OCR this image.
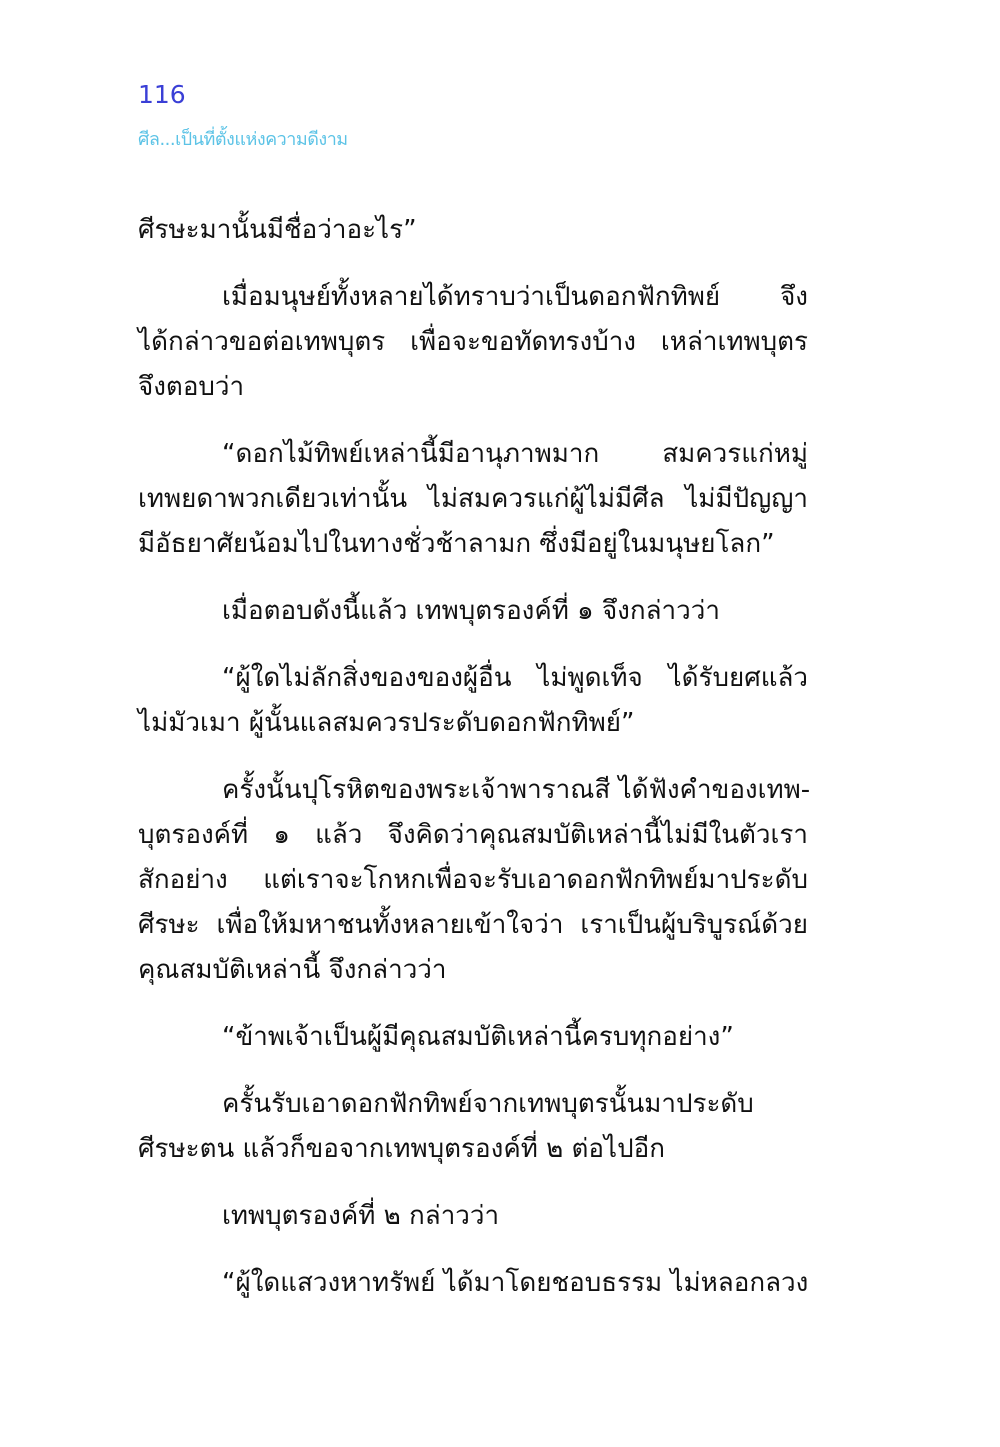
116
ศีล...เป็นที่ตั้งแห่งความดีงาม
ศีรษะมานั้นมีชื่อว่าอะไร”
เมื่อมนุษย์ทั้งหลายได้ทราบว่าเป็นดอกฟักทิพย์ จึง
ได้กล่าวขอต่อเทพบุตร เพื่อจะขอทัดทรงบ้าง เหล่าเทพบุตร
จึงตอบว่า
“ดอกไม้ทิพย์เหล่านี้มีอานุภาพมาก สมควรแก่หมู่
เทพยดาพวกเดียวเท่านั้น ไม่สมควรแก่ผู้ไม่มีศีล ไม่มีปัญญา
มีอัธยาศัยน้อมไปในทางชั่วช้าลามก ซึ่งมีอยู่ในมนุษยโลก”
เมื่อตอบดังนี้แล้ว เทพบุตรองค์ที่ ๑ จึงกล่าวว่า
“ผู้ใดไม่ลักสิ่งของของผู้อื่น ไม่พูดเท็จ ได้รับยศแล้ว
ไม่มัวเมา ผู้นั้นแลสมควรประดับดอกฟักทิพย์”
ครั้งนั้นปุโรหิตของพระเจ้าพาราณสี ได้ฟังคำของเทพ-
บุตรองค์ที่ ๑ แล้ว จึงคิดว่าคุณสมบัติเหล่านี้ไม่มีในตัวเรา
สักอย่าง แต่เราจะโกหกเพื่อจะรับเอาดอกฟักทิพย์มาประดับ
ศีรษะ เพื่อให้มหาชนทั้งหลายเข้าใจว่า เราเป็นผู้บริบูรณ์ด้วย
คุณสมบัติเหล่านี้ จึงกล่าวว่า
“ข้าพเจ้าเป็นผู้มีคุณสมบัติเหล่านี้ครบทุกอย่าง”
ครั้นรับเอาดอกฟักทิพย์จากเทพบุตรนั้นมาประดับ
ศีรษะตน แล้วก็ขอจากเทพบุตรองค์ที่ ๒ ต่อไปอีก
เทพบุตรองค์ที่ ๒ กล่าวว่า
“ผู้ใดแสวงหาทรัพย์ ได้มาโดยชอบธรรม ไม่หลอกลวง
